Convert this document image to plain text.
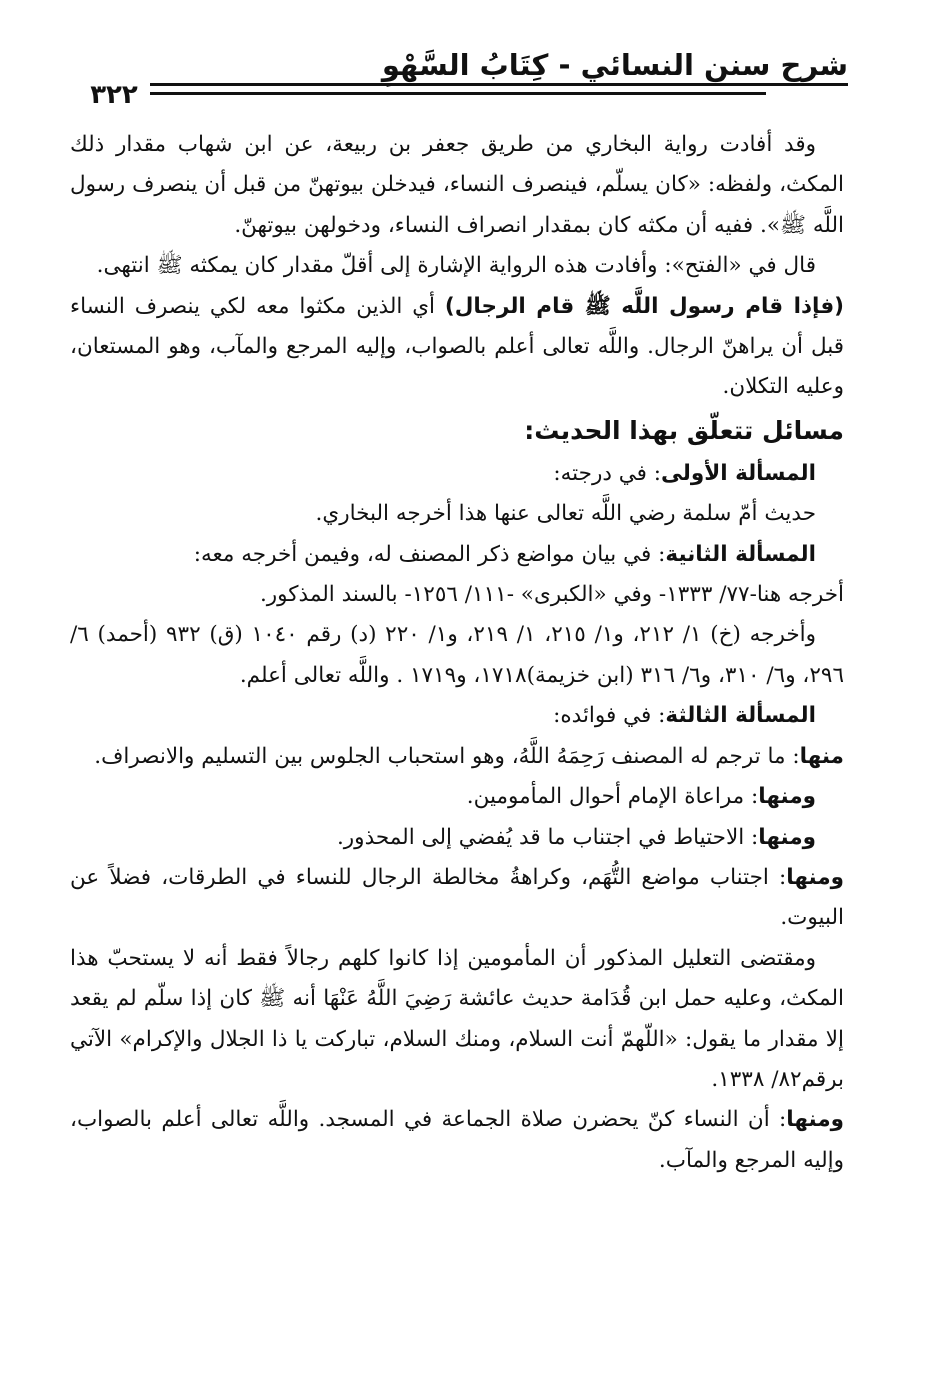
شرح سنن النسائي - كِتَابُ السَّهْوِ
٣٢٢

وقد أفادت رواية البخاري من طريق جعفر بن ربيعة، عن ابن شهاب مقدار ذلك المكث، ولفظه: «كان يسلّم، فينصرف النساء، فيدخلن بيوتهنّ من قبل أن ينصرف رسول اللَّه ﷺ». ففيه أن مكثه كان بمقدار انصراف النساء، ودخولهن بيوتهنّ.

قال في «الفتح»: وأفادت هذه الرواية الإشارة إلى أقلّ مقدار كان يمكثه ﷺ انتهى.

(فإذا قام رسول اللَّه ﷺ قام الرجال) أي الذين مكثوا معه لكي ينصرف النساء قبل أن يراهنّ الرجال. واللَّه تعالى أعلم بالصواب، وإليه المرجع والمآب، وهو المستعان، وعليه التكلان.

مسائل تتعلّق بهذا الحديث:

المسألة الأولى: في درجته:

حديث أمّ سلمة رضي اللَّه تعالى عنها هذا أخرجه البخاري.

المسألة الثانية: في بيان مواضع ذكر المصنف له، وفيمن أخرجه معه:

أخرجه هنا-٧٧/ ١٣٣٣- وفي «الكبرى» -١١١/ ١٢٥٦- بالسند المذكور.

وأخرجه (خ) ١/ ٢١٢، و١/ ٢١٥، ١/ ٢١٩، و١/ ٢٢٠ (د) رقم ١٠٤٠ (ق) ٩٣٢ (أحمد) ٦/ ٢٩٦، و٦/ ٣١٠، و٦/ ٣١٦ (ابن خزيمة)١٧١٨، و١٧١٩ . واللَّه تعالى أعلم.

المسألة الثالثة: في فوائده:

منها: ما ترجم له المصنف رَحِمَهُ اللَّهُ، وهو استحباب الجلوس بين التسليم والانصراف.

ومنها: مراعاة الإمام أحوال المأمومين.

ومنها: الاحتياط في اجتناب ما قد يُفضي إلى المحذور.

ومنها: اجتناب مواضع التُّهَم، وكراهةُ مخالطة الرجال للنساء في الطرقات، فضلاً عن البيوت.

ومقتضى التعليل المذكور أن المأمومين إذا كانوا كلهم رجالاً فقط أنه لا يستحبّ هذا المكث، وعليه حمل ابن قُدَامة حديث عائشة رَضِيَ اللَّهُ عَنْهَا أنه ﷺ كان إذا سلّم لم يقعد إلا مقدار ما يقول: «اللّهمّ أنت السلام، ومنك السلام، تباركت يا ذا الجلال والإكرام» الآتي برقم٨٢/ ١٣٣٨.

ومنها: أن النساء كنّ يحضرن صلاة الجماعة في المسجد. واللَّه تعالى أعلم بالصواب، وإليه المرجع والمآب.
